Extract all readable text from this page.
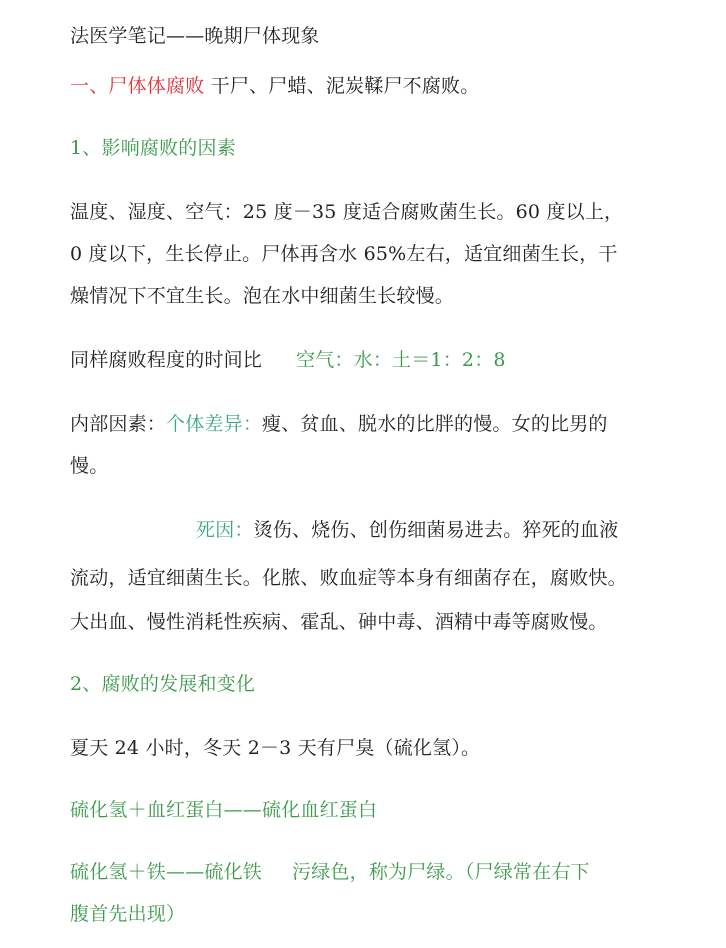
法医学笔记——晚期尸体现象
一、尸体体腐败 干尸、尸蜡、泥炭鞣尸不腐败。
1、影响腐败的因素
温度、湿度、空气：25 度－35 度适合腐败菌生长。60 度以上，
0 度以下，生长停止。尸体再含水 65%左右，适宜细菌生长，干
燥情况下不宜生长。泡在水中细菌生长较慢。
同样腐败程度的时间比 空气：水：土＝1：2：8
内部因素：个体差异：瘦、贫血、脱水的比胖的慢。女的比男的
慢。
死因：烫伤、烧伤、创伤细菌易进去。猝死的血液
流动，适宜细菌生长。化脓、败血症等本身有细菌存在，腐败快。
大出血、慢性消耗性疾病、霍乱、砷中毒、酒精中毒等腐败慢。
2、腐败的发展和变化
夏天 24 小时，冬天 2－3 天有尸臭（硫化氢）。
硫化氢＋血红蛋白——硫化血红蛋白
硫化氢＋铁——硫化铁 污绿色，称为尸绿。（尸绿常在右下
腹首先出现）
